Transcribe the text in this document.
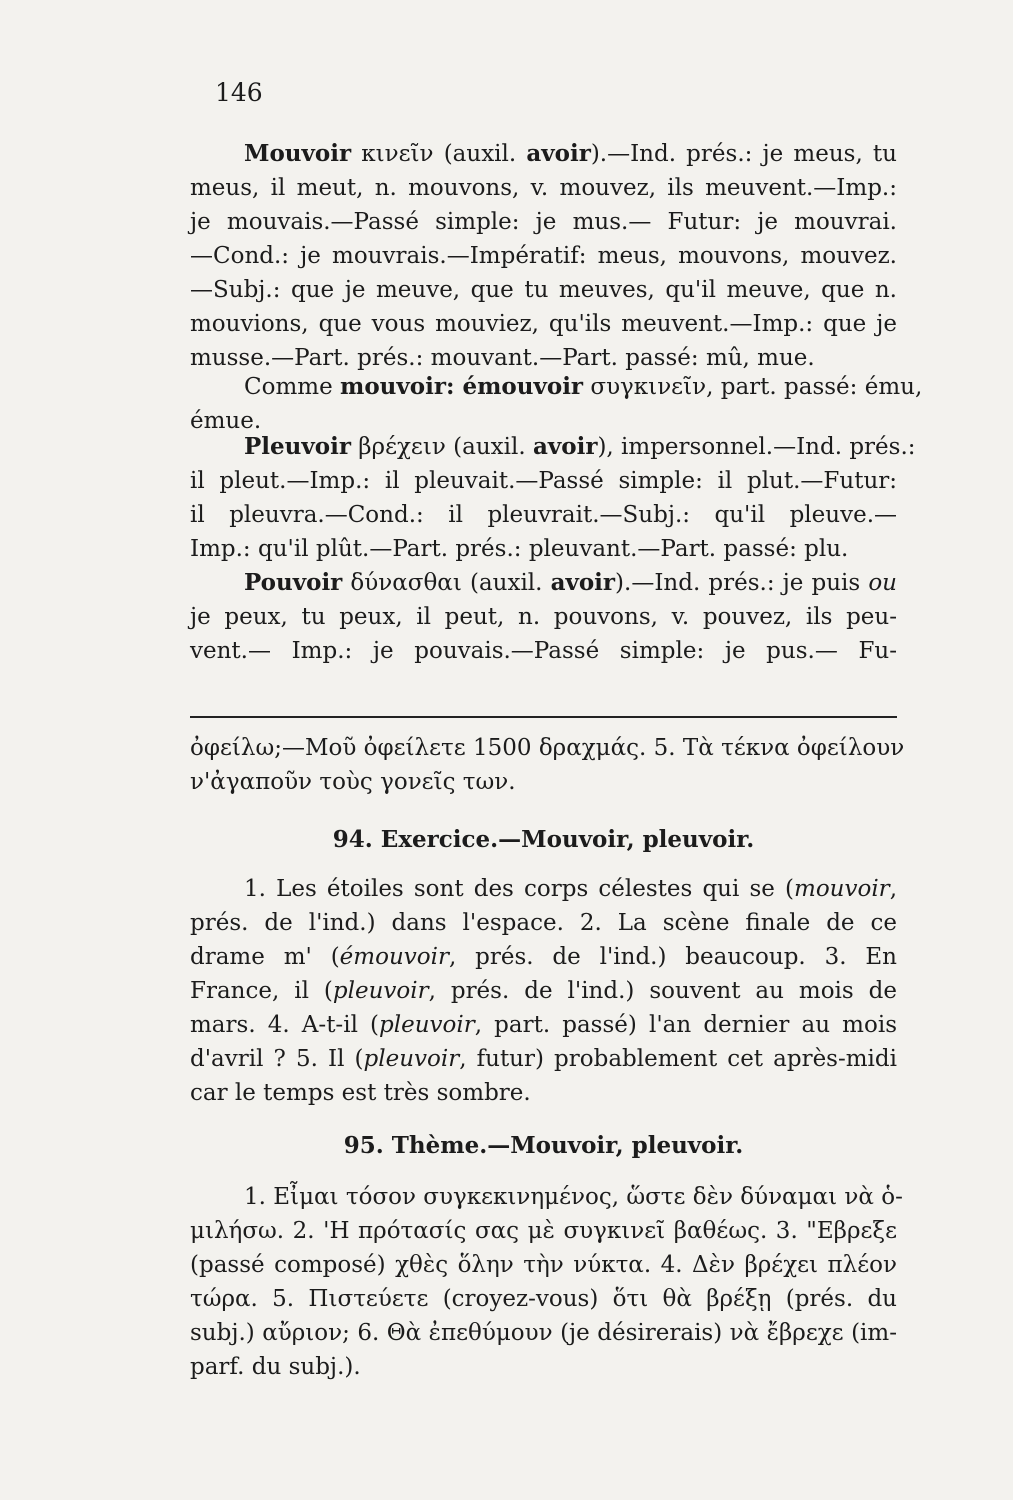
146
Mouvoir κινεῖν (auxil. avoir).—Ind. prés.: je meus, tu
meus, il meut, n. mouvons, v. mouvez, ils meuvent.—Imp.:
je mouvais.—Passé simple: je mus.— Futur: je mouvrai.
—Cond.: je mouvrais.—Impératif: meus, mouvons, mouvez.
—Subj.: que je meuve, que tu meuves, qu'il meuve, que n.
mouvions, que vous mouviez, qu'ils meuvent.—Imp.: que je
musse.—Part. prés.: mouvant.—Part. passé: mû, mue.
Comme mouvoir: émouvoir συγκινεῖν, part. passé: ému,
émue.
Pleuvoir βρέχειν (auxil. avoir), impersonnel.—Ind. prés.:
il pleut.—Imp.: il pleuvait.—Passé simple: il plut.—Futur:
il pleuvra.—Cond.: il pleuvrait.—Subj.: qu'il pleuve.—
Imp.: qu'il plût.—Part. prés.: pleuvant.—Part. passé: plu.
Pouvoir δύνασθαι (auxil. avoir).—Ind. prés.: je puis ou
je peux, tu peux, il peut, n. pouvons, v. pouvez, ils peu-
vent.— Imp.: je pouvais.—Passé simple: je pus.— Fu-
ὀφείλω;—Μοῦ ὀφείλετε 1500 δραχμάς. 5. Τὰ τέκνα ὀφείλουν
ν'ἀγαποῦν τοὺς γονεῖς των.
94. Exercice.—Mouvoir, pleuvoir.
1. Les étoiles sont des corps célestes qui se (mouvoir,
prés. de l'ind.) dans l'espace. 2. La scène finale de ce
drame m' (émouvoir, prés. de l'ind.) beaucoup. 3. En
France, il (pleuvoir, prés. de l'ind.) souvent au mois de
mars. 4. A-t-il (pleuvoir, part. passé) l'an dernier au mois
d'avril ? 5. Il (pleuvoir, futur) probablement cet après-midi
car le temps est très sombre.
95. Thème.—Mouvoir, pleuvoir.
1. Εἶμαι τόσον συγκεκινημένος, ὥστε δὲν δύναμαι νὰ ὁ-
μιλήσω. 2. 'Η πρότασίς σας μὲ συγκινεῖ βαθέως. 3. "Εβρεξε
(passé composé) χθὲς ὅλην τὴν νύκτα. 4. Δὲν βρέχει πλέον
τώρα. 5. Πιστεύετε (croyez-vous) ὅτι θὰ βρέξῃ (prés. du
subj.) αὔριον; 6. Θὰ ἐπεθύμουν (je désirerais) νὰ ἔβρεχε (im-
parf. du subj.).
